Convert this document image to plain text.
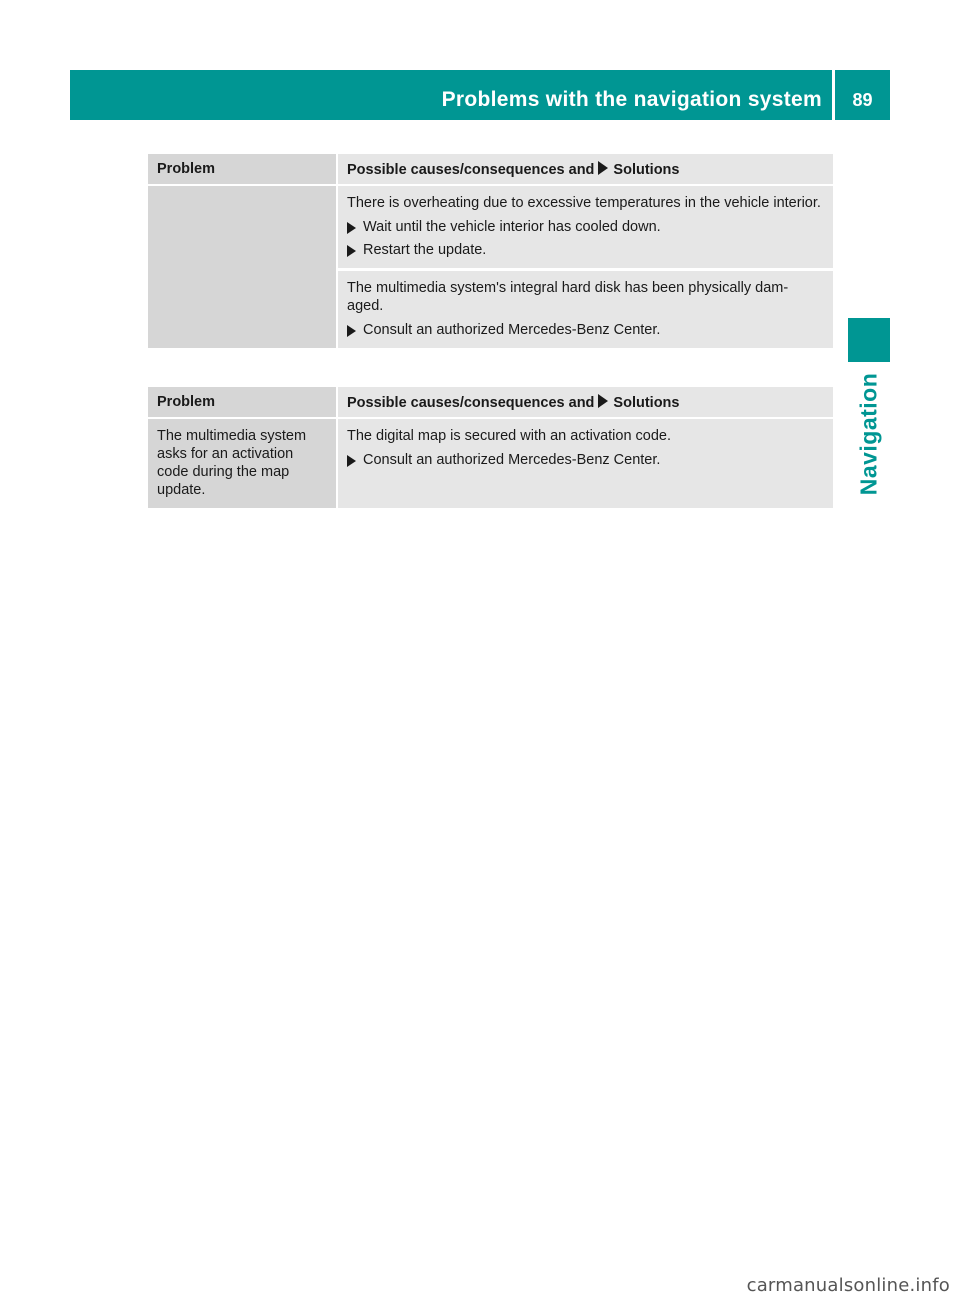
Problems with the navigation system	89
Navigation
Problem	Possible causes/consequences and Solutions

	There is overheating due to excessive temperatures in the vehicle interior.

Wait until the vehicle interior has cooled down.

Restart the update.

	The multimedia system's integral hard disk has been physically dam-aged.

Consult an authorized Mercedes-Benz Center.

Problem	Possible causes/consequences and Solutions
The multimedia system asks for an activation code during the map update.	The digital map is secured with an activation code.

Consult an authorized Mercedes-Benz Center.

carmanualsonline.info
